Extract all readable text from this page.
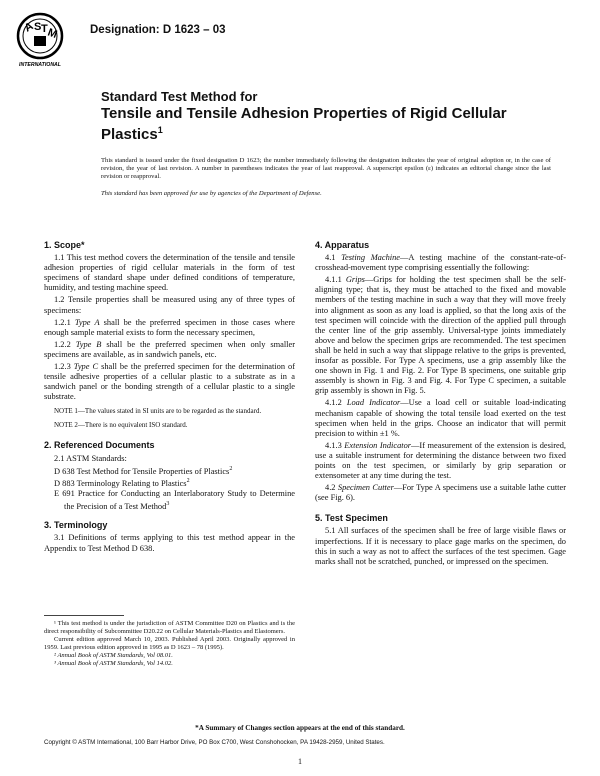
A
S T
M
INTERNATIONAL
Designation: D 1623 – 03
Standard Test Method for
Tensile and Tensile Adhesion Properties of Rigid Cellular
Plastics$^1$
This standard is issued under the fixed designation D 1623; the number immediately following the designation indicates the year of original adoption or, in the case of revision, the year of last revision. A number in parentheses indicates the year of last reapproval. A superscript epsilon (ε) indicates an editorial change since the last revision or reapproval.
This standard has been approved for use by agencies of the Department of Defense.
1. Scope*

1.1 This test method covers the determination of the tensile and tensile adhesion properties of rigid cellular materials in the form of test specimens of standard shape under defined conditions of temperature, humidity, and testing machine speed.

1.2 Tensile properties shall be measured using any of three types of specimens:

1.2.1 Type A shall be the preferred specimen in those cases where enough sample material exists to form the necessary specimen,

1.2.2 Type B shall be the preferred specimen when only smaller specimens are available, as in sandwich panels, etc.

1.2.3 Type C shall be the preferred specimen for the determination of tensile adhesive properties of a cellular plastic to a substrate as in a sandwich panel or the bonding strength of a cellular plastic to a single substrate.

NOTE 1—The values stated in SI units are to be regarded as the standard.
NOTE 2—There is no equivalent ISO standard.
2. Referenced Documents
2.1 ASTM Standards:
D 638 Test Method for Tensile Properties of Plastics$^2$
D 883 Terminology Relating to Plastics$^2$
E 691 Practice for Conducting an Interlaboratory Study to Determine the Precision of a Test Method$^3$
3. Terminology

3.1 Definitions of terms applying to this test method appear in the Appendix to Test Method D 638.

4. Apparatus

4.1 Testing Machine—A testing machine of the constant-rate-of-crosshead-movement type comprising essentially the following:

4.1.1 Grips—Grips for holding the test specimen shall be the self-aligning type; that is, they must be attached to the fixed and movable members of the testing machine in such a way that they will move freely into alignment as soon as any load is applied, so that the long axis of the test specimen will coincide with the direction of the applied pull through the center line of the grip assembly. Universal-type joints immediately above and below the specimen grips are recommended. The test specimen shall be held in such a way that slippage relative to the grips is prevented, insofar as possible. For Type A specimens, use a grip assembly like the one shown in Fig. 1 and Fig. 2. For Type B specimens, one suitable grip assembly is shown in Fig. 3 and Fig. 4. For Type C specimen, a suitable grip assembly is shown in Fig. 5.

4.1.2 Load Indicator—Use a load cell or suitable load-indicating mechanism capable of showing the total tensile load exerted on the test specimen when held in the grips. Choose an indicator that will permit precision to within ±1 %.

4.1.3 Extension Indicator—If measurement of the extension is desired, use a suitable instrument for determining the distance between two fixed points on the test specimen, or similarly by grip separation or extensometer at any time during the test.

4.2 Specimen Cutter—For Type A specimens use a suitable lathe cutter (see Fig. 6).

5. Test Specimen

5.1 All surfaces of the specimen shall be free of large visible flaws or imperfections. If it is necessary to place gage marks on the specimen, do this in such a way as not to affect the surfaces of the test specimen. Gage marks shall not be scratched, punched, or impressed on the specimen.

¹ This test method is under the jurisdiction of ASTM Committee D20 on Plastics and is the direct responsibility of Subcommittee D20.22 on Cellular Materials-Plastics and Elastomers.

Current edition approved March 10, 2003. Published April 2003. Originally approved in 1959. Last previous edition approved in 1995 as D 1623 – 78 (1995).

² Annual Book of ASTM Standards, Vol 08.01.

³ Annual Book of ASTM Standards, Vol 14.02.

*A Summary of Changes section appears at the end of this standard.
Copyright © ASTM International, 100 Barr Harbor Drive, PO Box C700, West Conshohocken, PA 19428-2959, United States.
1
